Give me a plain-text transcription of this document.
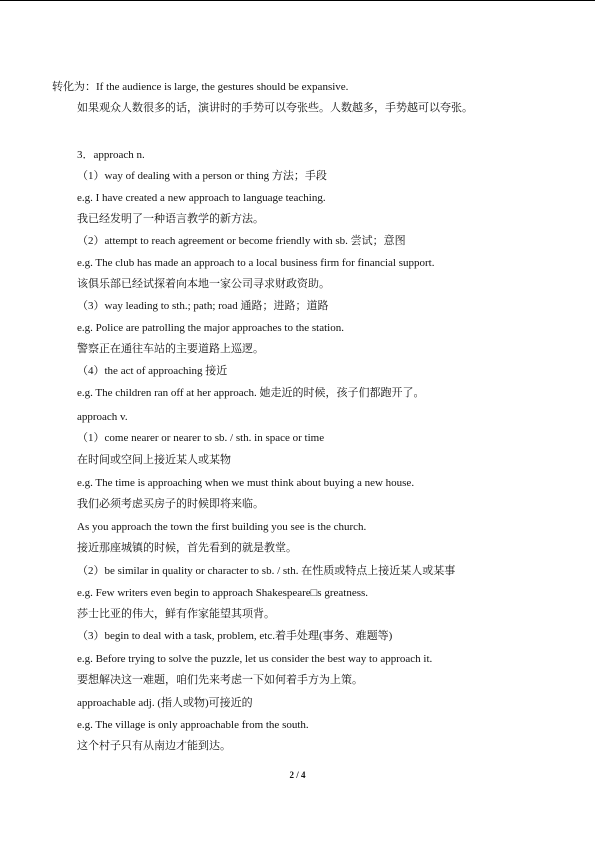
转化为：If the audience is large, the gestures should be expansive.
如果观众人数很多的话，演讲时的手势可以夸张些。人数越多，手势越可以夸张。
3．approach n.
（1）way of dealing with a person or thing 方法；手段
e.g. I have created a new approach to language teaching.
我已经发明了一种语言教学的新方法。
（2）attempt to reach agreement or become friendly with sb. 尝试；意图
e.g. The club has made an approach to a local business firm for financial support.
该俱乐部已经试探着向本地一家公司寻求财政资助。
（3）way leading to sth.; path; road 通路；进路；道路
e.g. Police are patrolling the major approaches to the station.
警察正在通往车站的主要道路上巡逻。
（4）the act of approaching 接近
e.g. The children ran off at her approach. 她走近的时候，孩子们都跑开了。
approach v.
（1）come nearer or nearer to sb. / sth. in space or time
在时间或空间上接近某人或某物
e.g. The time is approaching when we must think about buying a new house.
我们必须考虑买房子的时候即将来临。
As you approach the town the first building you see is the church.
接近那座城镇的时候，首先看到的就是教堂。
（2）be similar in quality or character to sb. / sth. 在性质或特点上接近某人或某事
e.g. Few writers even begin to approach Shakespeare□s greatness.
莎士比亚的伟大，鲜有作家能望其项背。
（3）begin to deal with a task, problem, etc.着手处理(事务、难题等)
e.g. Before trying to solve the puzzle, let us consider the best way to approach it.
要想解决这一难题，咱们先来考虑一下如何着手方为上策。
approachable adj. (指人或物)可接近的
e.g. The village is only approachable from the south.
这个村子只有从南边才能到达。
2 / 4
